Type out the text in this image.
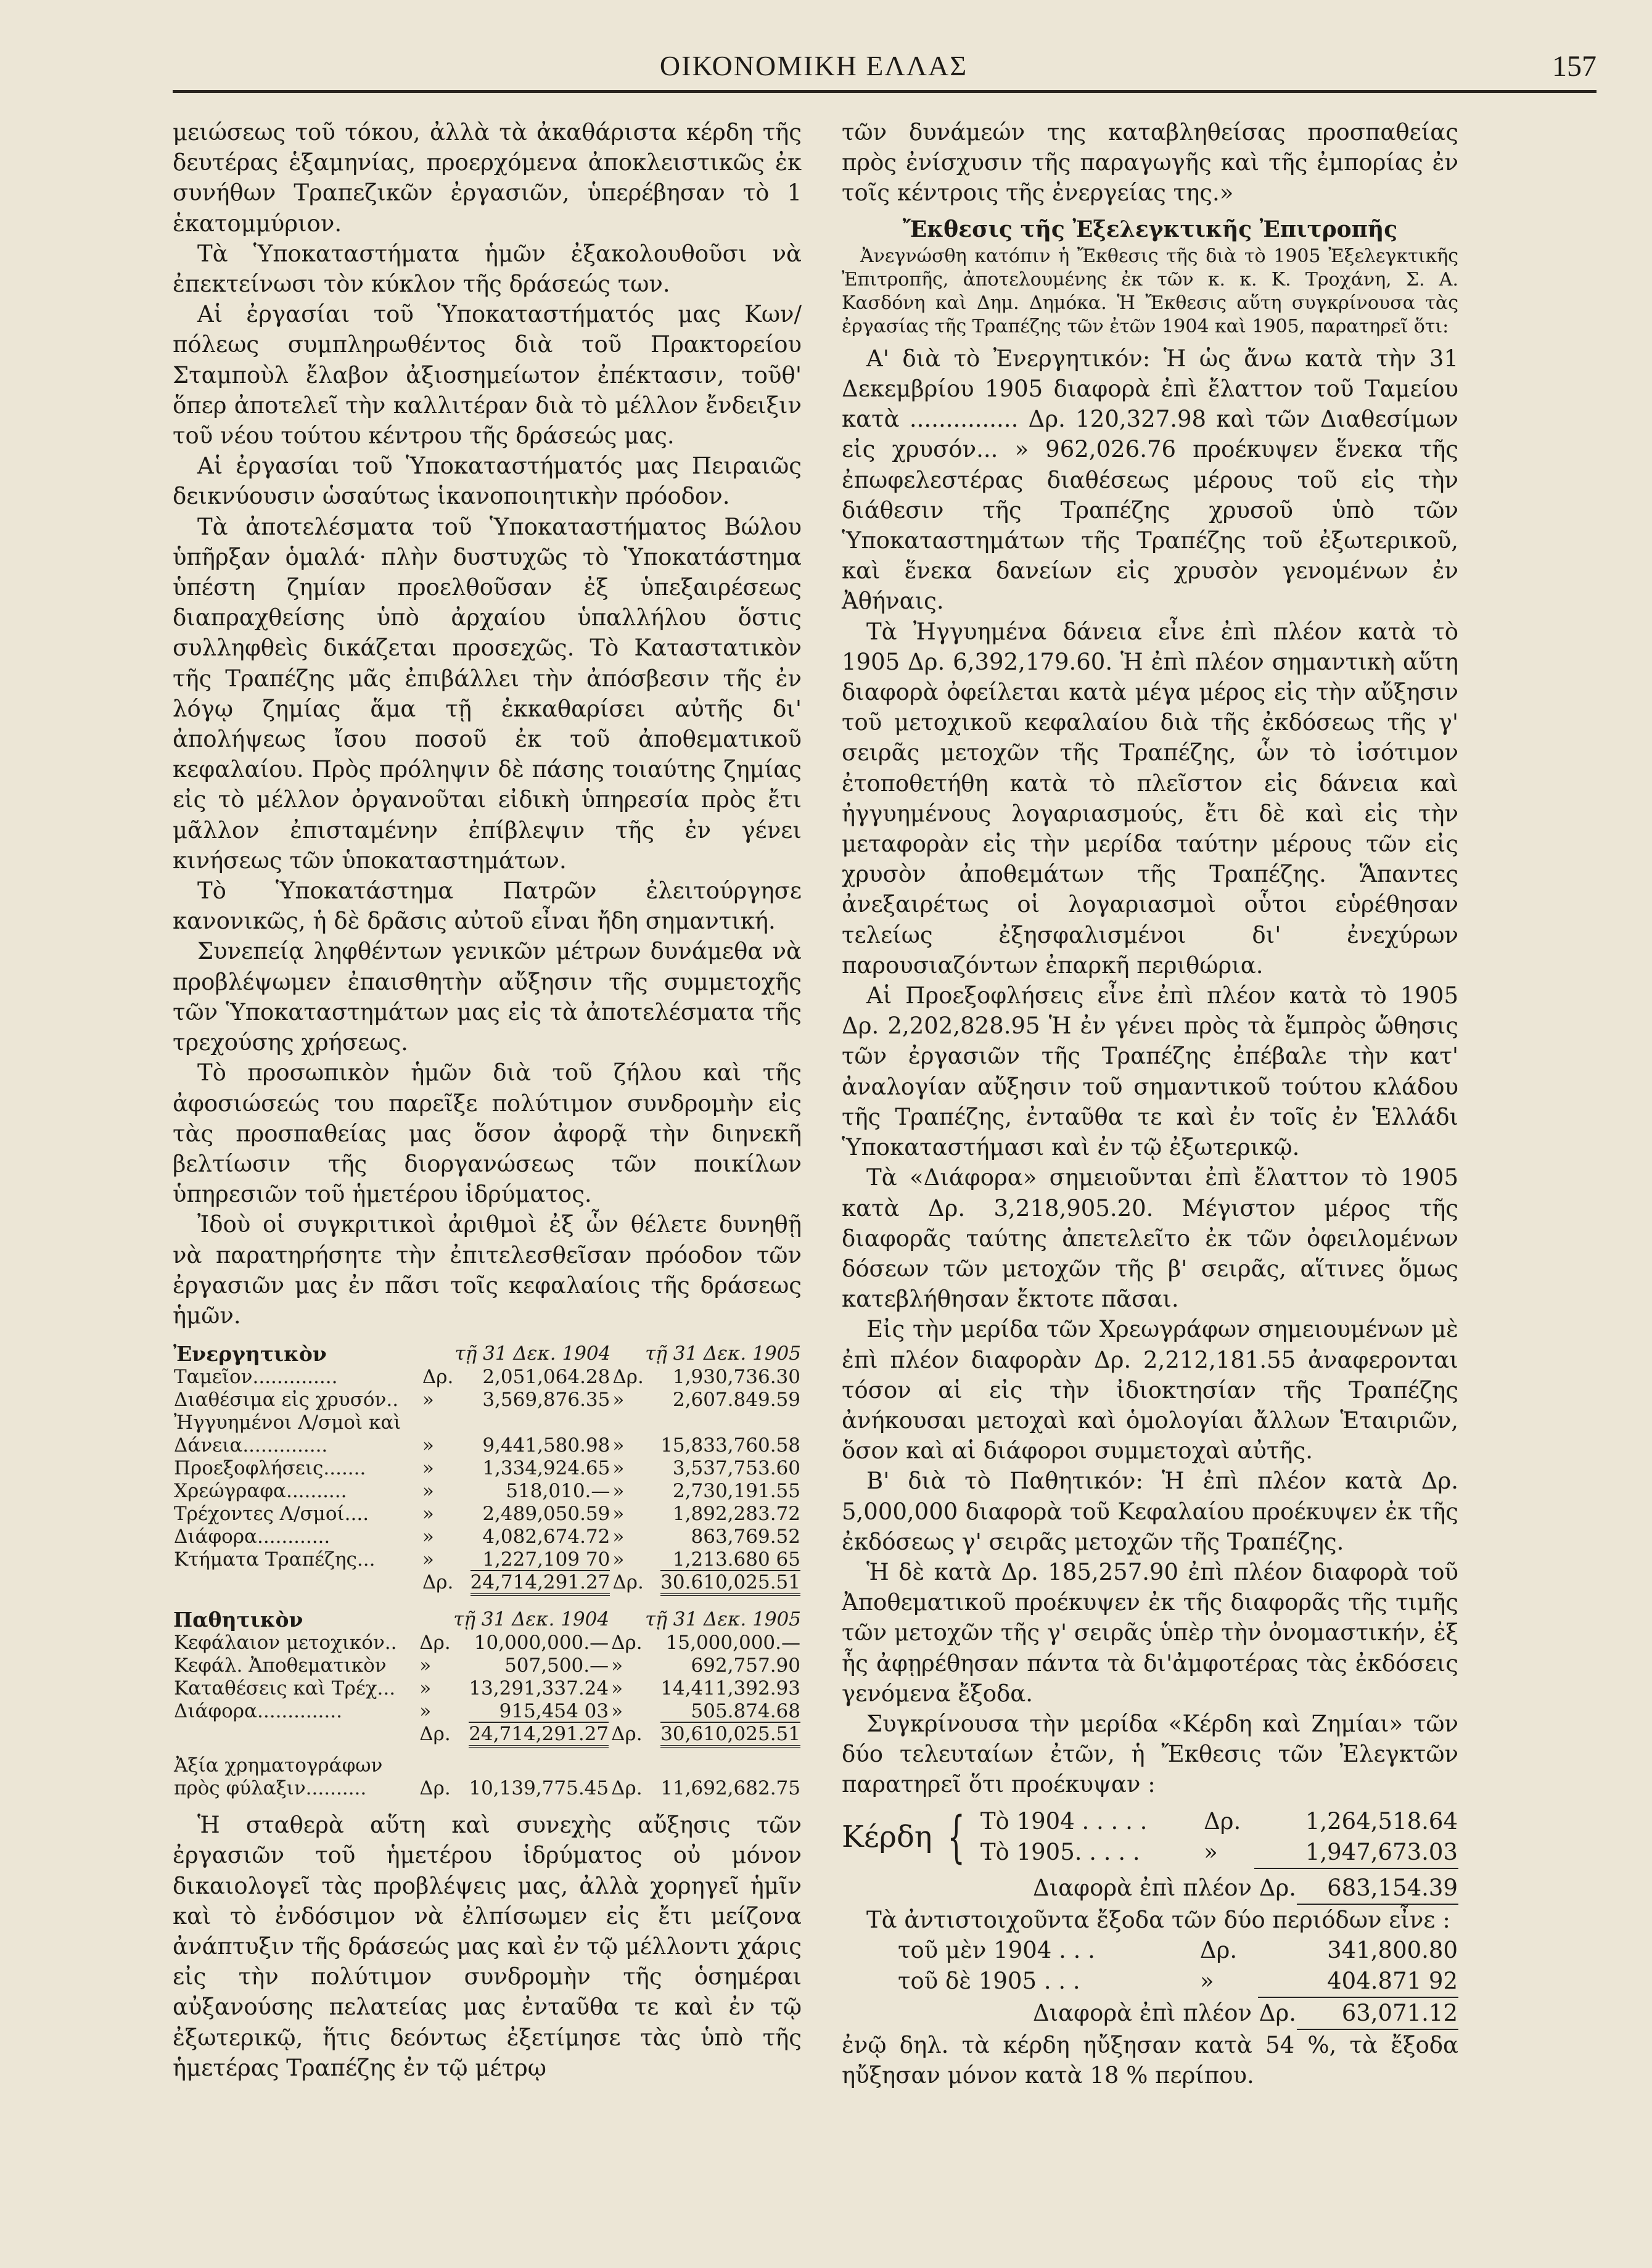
ΟΙΚΟΝΟΜΙΚΗ ΕΛΛΑΣ	157

μειώσεως τοῦ τόκου, ἀλλὰ τὰ ἀκαθάριστα κέρδη τῆς δευτέρας ἑξαμηνίας, προερχόμενα ἀποκλειστικῶς ἐκ συνήθων Τραπεζικῶν ἐργασιῶν, ὑπερέβησαν τὸ 1 ἑκατομμύριον.

Τὰ Ὑποκαταστήματα ἡμῶν ἐξακολουθοῦσι νὰ ἐπεκτείνωσι τὸν κύκλον τῆς δράσεώς των.

Αἱ ἐργασίαι τοῦ Ὑποκαταστήματός μας Κων/πόλεως συμπληρωθέντος διὰ τοῦ Πρακτορείου Σταμποὺλ ἔλαβον ἀξιοσημείωτον ἐπέκτασιν, τοῦθ' ὅπερ ἀποτελεῖ τὴν καλλιτέραν διὰ τὸ μέλλον ἔνδειξιν τοῦ νέου τούτου κέντρου τῆς δράσεώς μας.

Αἱ ἐργασίαι τοῦ Ὑποκαταστήματός μας Πειραιῶς δεικνύουσιν ὡσαύτως ἱκανοποιητικὴν πρόοδον.

Τὰ ἀποτελέσματα τοῦ Ὑποκαταστήματος Βώλου ὑπῆρξαν ὁμαλά· πλὴν δυστυχῶς τὸ Ὑποκατάστημα ὑπέστη ζημίαν προελθοῦσαν ἐξ ὑπεξαιρέσεως διαπραχθείσης ὑπὸ ἀρχαίου ὑπαλλήλου ὅστις συλληφθεὶς δικάζεται προσεχῶς. Τὸ Καταστατικὸν τῆς Τραπέζης μᾶς ἐπιβάλλει τὴν ἀπόσβεσιν τῆς ἐν λόγῳ ζημίας ἅμα τῇ ἐκκαθαρίσει αὐτῆς δι' ἀπολήψεως ἴσου ποσοῦ ἐκ τοῦ ἀποθεματικοῦ κεφαλαίου. Πρὸς πρόληψιν δὲ πάσης τοιαύτης ζημίας εἰς τὸ μέλλον ὀργανοῦται εἰδικὴ ὑπηρεσία πρὸς ἔτι μᾶλλον ἐπισταμένην ἐπίβλεψιν τῆς ἐν γένει κινήσεως τῶν ὑποκαταστημάτων.

Τὸ Ὑποκατάστημα Πατρῶν ἐλειτούργησε κανονικῶς, ἡ δὲ δρᾶσις αὐτοῦ εἶναι ἤδη σημαντική.

Συνεπείᾳ ληφθέντων γενικῶν μέτρων δυνάμεθα νὰ προβλέψωμεν ἐπαισθητὴν αὔξησιν τῆς συμμετοχῆς τῶν Ὑποκαταστημάτων μας εἰς τὰ ἀποτελέσματα τῆς τρεχούσης χρήσεως.

Τὸ προσωπικὸν ἡμῶν διὰ τοῦ ζήλου καὶ τῆς ἀφοσιώσεώς του παρεῖξε πολύτιμον συνδρομὴν εἰς τὰς προσπαθείας μας ὅσον ἀφορᾷ τὴν διηνεκῆ βελτίωσιν τῆς διοργανώσεως τῶν ποικίλων ὑπηρεσιῶν τοῦ ἡμετέρου ἱδρύματος.

Ἰδοὺ οἱ συγκριτικοὶ ἀριθμοὶ ἐξ ὧν θέλετε δυνηθῇ νὰ παρατηρήσητε τὴν ἐπιτελεσθεῖσαν πρόοδον τῶν ἐργασιῶν μας ἐν πᾶσι τοῖς κεφαλαίοις τῆς δράσεως ἡμῶν.

Ἐνεργητικὸν	τῇ 31 Δεκ. 1904		τῇ 31 Δεκ. 1905	
Ταμεῖον..............	Δρ.	2,051,064.28	Δρ.	1,930,736.30
Διαθέσιμα εἰς χρυσόν..	»	3,569,876.35	»	2,607.849.59
Ἠγγυημένοι Λ/σμοὶ καὶ				
Δάνεια..............	»	9,441,580.98	»	15,833,760.58
Προεξοφλήσεις.......	»	1,334,924.65	»	3,537,753.60
Χρεώγραφα..........	»	518,010.—	»	2,730,191.55
Τρέχοντες Λ/σμοί....	»	2,489,050.59	»	1,892,283.72
Διάφορα............	»	4,082,674.72	»	863,769.52
Κτήματα Τραπέζης...	»	1,227,109 70	»	1,213.680 65
	Δρ.	24,714,291.27	Δρ.	30.610,025.51
Παθητικὸν	τῇ 31 Δεκ. 1904		τῇ 31 Δεκ. 1905	
Κεφάλαιον μετοχικόν..	Δρ.	10,000,000.—	Δρ.	15,000,000.—
Κεφάλ. Ἀποθεματικὸν	»	507,500.—	»	692,757.90
Καταθέσεις καὶ Τρέχ...	»	13,291,337.24	»	14,411,392.93
Διάφορα..............	»	915,454 03	»	505.874.68
	Δρ.	24,714,291.27	Δρ.	30,610,025.51
Ἀξία χρηματογράφων				
πρὸς φύλαξιν..........	Δρ.	10,139,775.45	Δρ.	11,692,682.75

Ἡ σταθερὰ αὕτη καὶ συνεχὴς αὔξησις τῶν ἐργασιῶν τοῦ ἡμετέρου ἱδρύματος οὐ μόνον δικαιολογεῖ τὰς προβλέψεις μας, ἀλλὰ χορηγεῖ ἡμῖν καὶ τὸ ἐνδόσιμον νὰ ἐλπίσωμεν εἰς ἔτι μείζονα ἀνάπτυξιν τῆς δράσεώς μας καὶ ἐν τῷ μέλλοντι χάρις εἰς τὴν πολύτιμον συνδρομὴν τῆς ὁσημέραι αὐξανούσης πελατείας μας ἐνταῦθα τε καὶ ἐν τῷ ἐξωτερικῷ, ἥτις δεόντως ἐξετίμησε τὰς ὑπὸ τῆς ἡμετέρας Τραπέζης ἐν τῷ μέτρῳ

τῶν δυνάμεών της καταβληθείσας προσπαθείας πρὸς ἐνίσχυσιν τῆς παραγωγῆς καὶ τῆς ἐμπορίας ἐν τοῖς κέντροις τῆς ἐνεργείας της.»

Ἔκθεσις τῆς Ἐξελεγκτικῆς Ἐπιτροπῆς

Ἀνεγνώσθη κατόπιν ἡ Ἔκθεσις τῆς διὰ τὸ 1905 Ἐξελεγκτικῆς Ἐπιτροπῆς, ἀποτελουμένης ἐκ τῶν κ. κ. Κ. Τροχάνη, Σ. Α. Κασδόνη καὶ Δημ. Δημόκα. Ἡ Ἔκθεσις αὕτη συγκρίνουσα τὰς ἐργασίας τῆς Τραπέζης τῶν ἐτῶν 1904 καὶ 1905, παρατηρεῖ ὅτι:

Α' διὰ τὸ Ἐνεργητικόν: Ἡ ὡς ἄνω κατὰ τὴν 31 Δεκεμβρίου 1905 διαφορὰ ἐπὶ ἔλαττον τοῦ Ταμείου κατὰ ............... Δρ. 120,327.98 καὶ τῶν Διαθεσίμων εἰς χρυσόν... » 962,026.76 προέκυψεν ἕνεκα τῆς ἐπωφελεστέρας διαθέσεως μέρους τοῦ εἰς τὴν διάθεσιν τῆς Τραπέζης χρυσοῦ ὑπὸ τῶν Ὑποκαταστημάτων τῆς Τραπέζης τοῦ ἐξωτερικοῦ, καὶ ἕνεκα δανείων εἰς χρυσὸν γενομένων ἐν Ἀθήναις.

Τὰ Ἠγγυημένα δάνεια εἶνε ἐπὶ πλέον κατὰ τὸ 1905 Δρ. 6,392,179.60. Ἡ ἐπὶ πλέον σημαντικὴ αὕτη διαφορὰ ὀφείλεται κατὰ μέγα μέρος εἰς τὴν αὔξησιν τοῦ μετοχικοῦ κεφαλαίου διὰ τῆς ἐκδόσεως τῆς γ' σειρᾶς μετοχῶν τῆς Τραπέζης, ὧν τὸ ἰσότιμον ἐτοποθετήθη κατὰ τὸ πλεῖστον εἰς δάνεια καὶ ἠγγυημένους λογαριασμούς, ἔτι δὲ καὶ εἰς τὴν μεταφορὰν εἰς τὴν μερίδα ταύτην μέρους τῶν εἰς χρυσὸν ἀποθεμάτων τῆς Τραπέζης. Ἅπαντες ἀνεξαιρέτως οἱ λογαριασμοὶ οὗτοι εὑρέθησαν τελείως ἐξησφαλισμένοι δι' ἐνεχύρων παρουσιαζόντων ἐπαρκῆ περιθώρια.

Αἱ Προεξοφλήσεις εἶνε ἐπὶ πλέον κατὰ τὸ 1905 Δρ. 2,202,828.95 Ἡ ἐν γένει πρὸς τὰ ἔμπρὸς ὤθησις τῶν ἐργασιῶν τῆς Τραπέζης ἐπέβαλε τὴν κατ' ἀναλογίαν αὔξησιν τοῦ σημαντικοῦ τούτου κλάδου τῆς Τραπέζης, ἐνταῦθα τε καὶ ἐν τοῖς ἐν Ἑλλάδι Ὑποκαταστήμασι καὶ ἐν τῷ ἐξωτερικῷ.

Τὰ «Διάφορα» σημειοῦνται ἐπὶ ἔλαττον τὸ 1905 κατὰ Δρ. 3,218,905.20. Μέγιστον μέρος τῆς διαφορᾶς ταύτης ἀπετελεῖτο ἐκ τῶν ὀφειλομένων δόσεων τῶν μετοχῶν τῆς β' σειρᾶς, αἵτινες ὅμως κατεβλήθησαν ἔκτοτε πᾶσαι.

Εἰς τὴν μερίδα τῶν Χρεωγράφων σημειουμένων μὲ ἐπὶ πλέον διαφορὰν Δρ. 2,212,181.55 ἀναφερονται τόσον αἱ εἰς τὴν ἰδιοκτησίαν τῆς Τραπέζης ἀνήκουσαι μετοχαὶ καὶ ὁμολογίαι ἄλλων Ἑταιριῶν, ὅσον καὶ αἱ διάφοροι συμμετοχαὶ αὐτῆς.

Β' διὰ τὸ Παθητικόν: Ἡ ἐπὶ πλέον κατὰ Δρ. 5,000,000 διαφορὰ τοῦ Κεφαλαίου προέκυψεν ἐκ τῆς ἐκδόσεως γ' σειρᾶς μετοχῶν τῆς Τραπέζης.

Ἡ δὲ κατὰ Δρ. 185,257.90 ἐπὶ πλέον διαφορὰ τοῦ Ἀποθεματικοῦ προέκυψεν ἐκ τῆς διαφορᾶς τῆς τιμῆς τῶν μετοχῶν τῆς γ' σειρᾶς ὑπὲρ τὴν ὀνομαστικήν, ἐξ ἧς ἀφῃρέθησαν πάντα τὰ δι'ἀμφοτέρας τὰς ἐκδόσεις γενόμενα ἔξοδα.

Συγκρίνουσα τὴν μερίδα «Κέρδη καὶ Ζημίαι» τῶν δύο τελευταίων ἐτῶν, ἡ Ἔκθεσις τῶν Ἐλεγκτῶν παρατηρεῖ ὅτι προέκυψαν :

Κέρδη { Τὸ 1904 . . . . .	Δρ.	1,264,518.64
Τὸ 1905. . . . .	»	1,947,673.03
Διαφορὰ ἐπὶ πλέον Δρ.	683,154.39

Τὰ ἀντιστοιχοῦντα ἔξοδα τῶν δύο περιόδων εἶνε :

τοῦ μὲν 1904 . . .	Δρ.	341,800.80
τοῦ δὲ 1905 . . .	»	404.871 92
Διαφορὰ ἐπὶ πλέον Δρ.	63,071.12

ἐνῷ δηλ. τὰ κέρδη ηὔξησαν κατὰ 54 %, τὰ ἔξοδα ηὔξησαν μόνον κατὰ 18 % περίπου.
